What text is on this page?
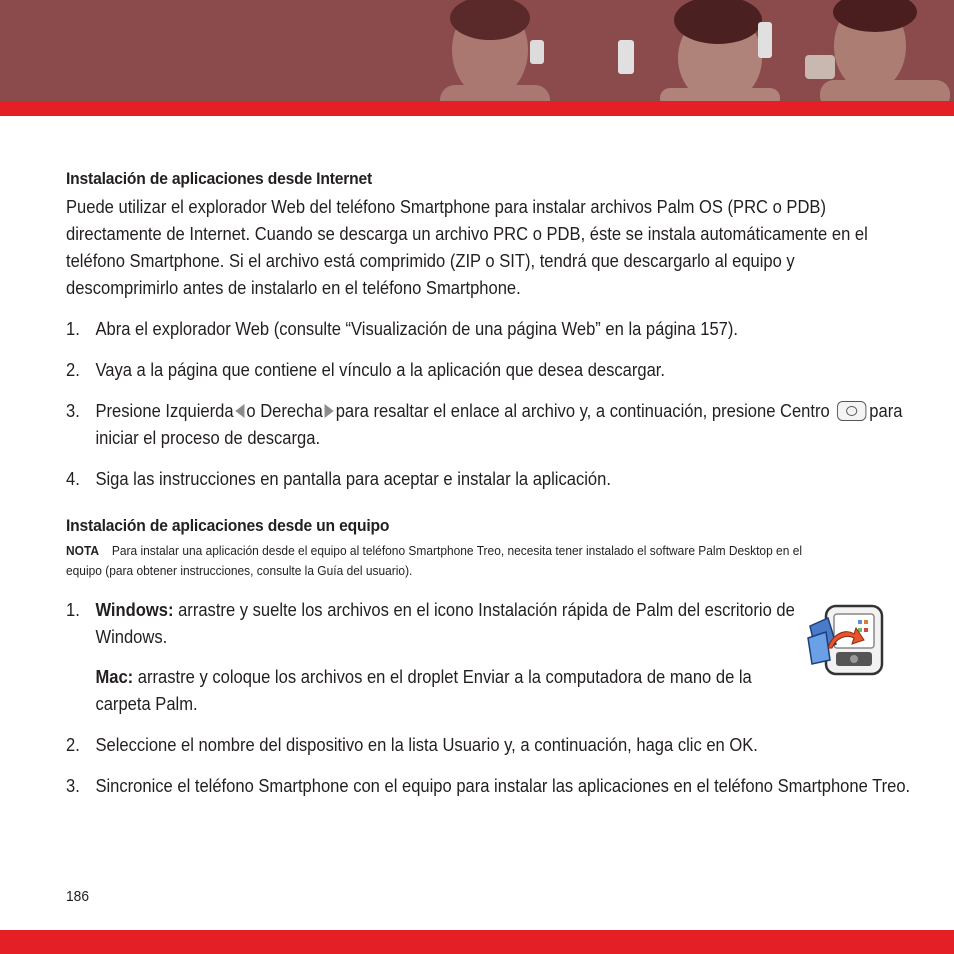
Instalación de aplicaciones desde Internet

Puede utilizar el explorador Web del teléfono Smartphone para instalar archivos Palm OS (PRC o PDB) directamente de Internet. Cuando se descarga un archivo PRC o PDB, éste se instala automáticamente en el teléfono Smartphone. Si el archivo está comprimido (ZIP o SIT), tendrá que descargarlo al equipo y descomprimirlo antes de instalarlo en el teléfono Smartphone.

1. Abra el explorador Web (consulte “Visualización de una página Web” en la página 157).
2. Vaya a la página que contiene el vínculo a la aplicación que desea descargar.
3. Presione Izquierda o Derecha para resaltar el enlace al archivo y, a continuación, presione Centro para iniciar el proceso de descarga.
4. Siga las instrucciones en pantalla para aceptar e instalar la aplicación.
Instalación de aplicaciones desde un equipo
NOTA Para instalar una aplicación desde el equipo al teléfono Smartphone Treo, necesita tener instalado el software Palm Desktop en el equipo (para obtener instrucciones, consulte la Guía del usuario).
1. Windows: arrastre y suelte los archivos en el icono Instalación rápida de Palm del escritorio de Windows.
Mac: arrastre y coloque los archivos en el droplet Enviar a la computadora de mano de la carpeta Palm.
2. Seleccione el nombre del dispositivo en la lista Usuario y, a continuación, haga clic en OK.
3. Sincronice el teléfono Smartphone con el equipo para instalar las aplicaciones en el teléfono Smartphone Treo.
186
